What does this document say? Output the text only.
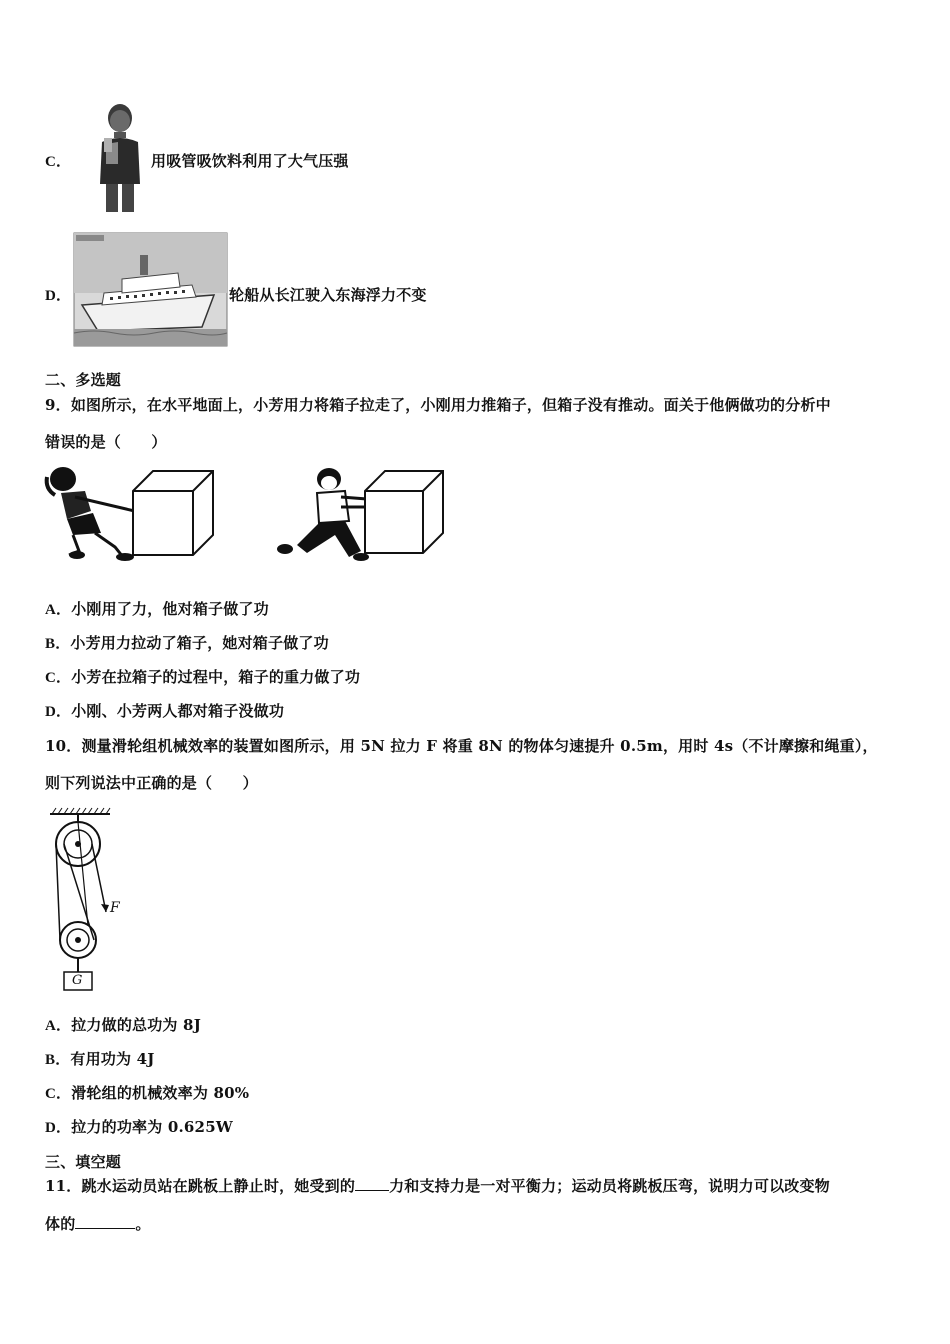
C．	用吸管吸饮料利用了大气压强
D．	轮船从长江驶入东海浮力不变
二、多选题
9．如图所示，在水平地面上，小芳用力将箱子拉走了，小刚用力推箱子，但箱子没有推动。面关于他俩做功的分析中
错误的是（　　）
A．小刚用了力，他对箱子做了功
B．小芳用力拉动了箱子，她对箱子做了功
C．小芳在拉箱子的过程中，箱子的重力做了功
D．小刚、小芳两人都对箱子没做功
10．测量滑轮组机械效率的装置如图所示，用 5N 拉力 F 将重 8N 的物体匀速提升 0.5m，用时 4s（不计摩擦和绳重），
则下列说法中正确的是（　　）
F
G
A．拉力做的总功为 8J
B．有用功为 4J
C．滑轮组的机械效率为 80%
D．拉力的功率为 0.625W
三、填空题
11．跳水运动员站在跳板上静止时，她受到的 力和支持力是一对平衡力；运动员将跳板压弯，说明力可以改变物
体的	。
